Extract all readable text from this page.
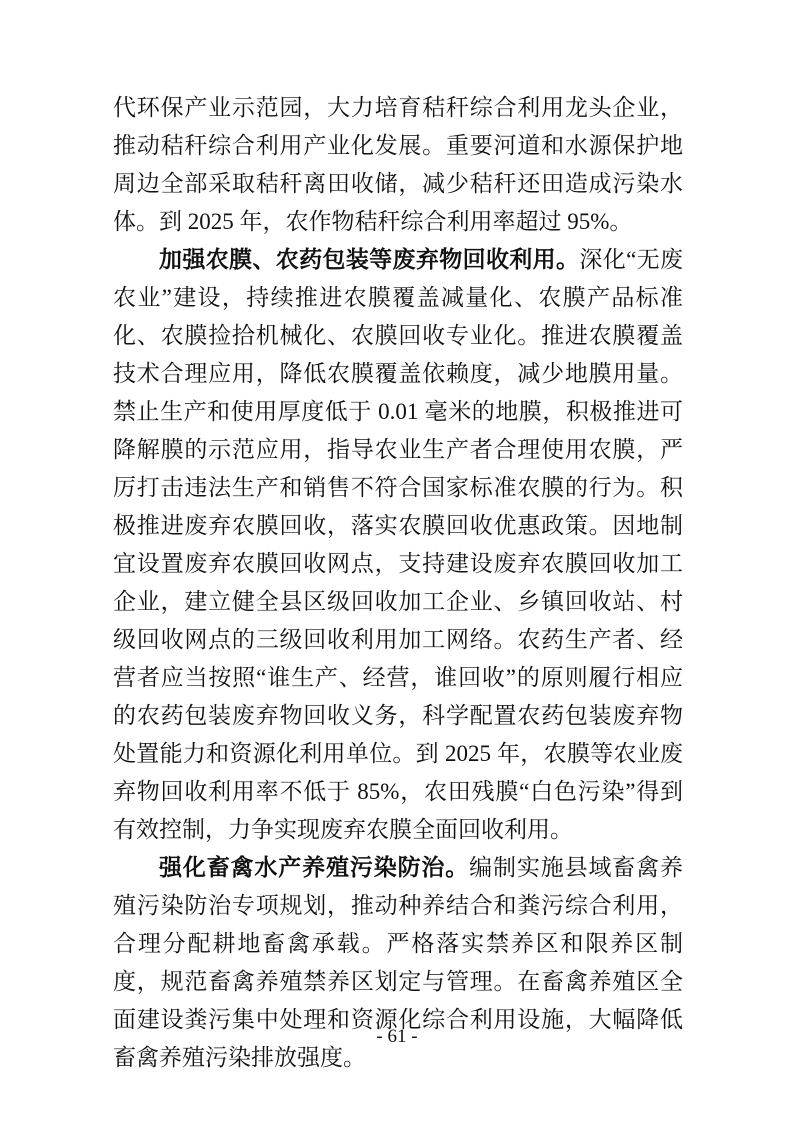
代环保产业示范园，大力培育秸秆综合利用龙头企业，推动秸秆综合利用产业化发展。重要河道和水源保护地周边全部采取秸秆离田收储，减少秸秆还田造成污染水体。到 2025 年，农作物秸秆综合利用率超过 95%。

加强农膜、农药包装等废弃物回收利用。深化“无废农业”建设，持续推进农膜覆盖减量化、农膜产品标准化、农膜捡拾机械化、农膜回收专业化。推进农膜覆盖技术合理应用，降低农膜覆盖依赖度，减少地膜用量。禁止生产和使用厚度低于 0.01 毫米的地膜，积极推进可降解膜的示范应用，指导农业生产者合理使用农膜，严厉打击违法生产和销售不符合国家标准农膜的行为。积极推进废弃农膜回收，落实农膜回收优惠政策。因地制宜设置废弃农膜回收网点，支持建设废弃农膜回收加工企业，建立健全县区级回收加工企业、乡镇回收站、村级回收网点的三级回收利用加工网络。农药生产者、经营者应当按照“谁生产、经营，谁回收”的原则履行相应的农药包装废弃物回收义务，科学配置农药包装废弃物处置能力和资源化利用单位。到 2025 年，农膜等农业废弃物回收利用率不低于 85%，农田残膜“白色污染”得到有效控制，力争实现废弃农膜全面回收利用。

强化畜禽水产养殖污染防治。编制实施县域畜禽养殖污染防治专项规划，推动种养结合和粪污综合利用，合理分配耕地畜禽承载。严格落实禁养区和限养区制度，规范畜禽养殖禁养区划定与管理。在畜禽养殖区全面建设粪污集中处理和资源化综合利用设施，大幅降低畜禽养殖污染排放强度。

- 61 -
